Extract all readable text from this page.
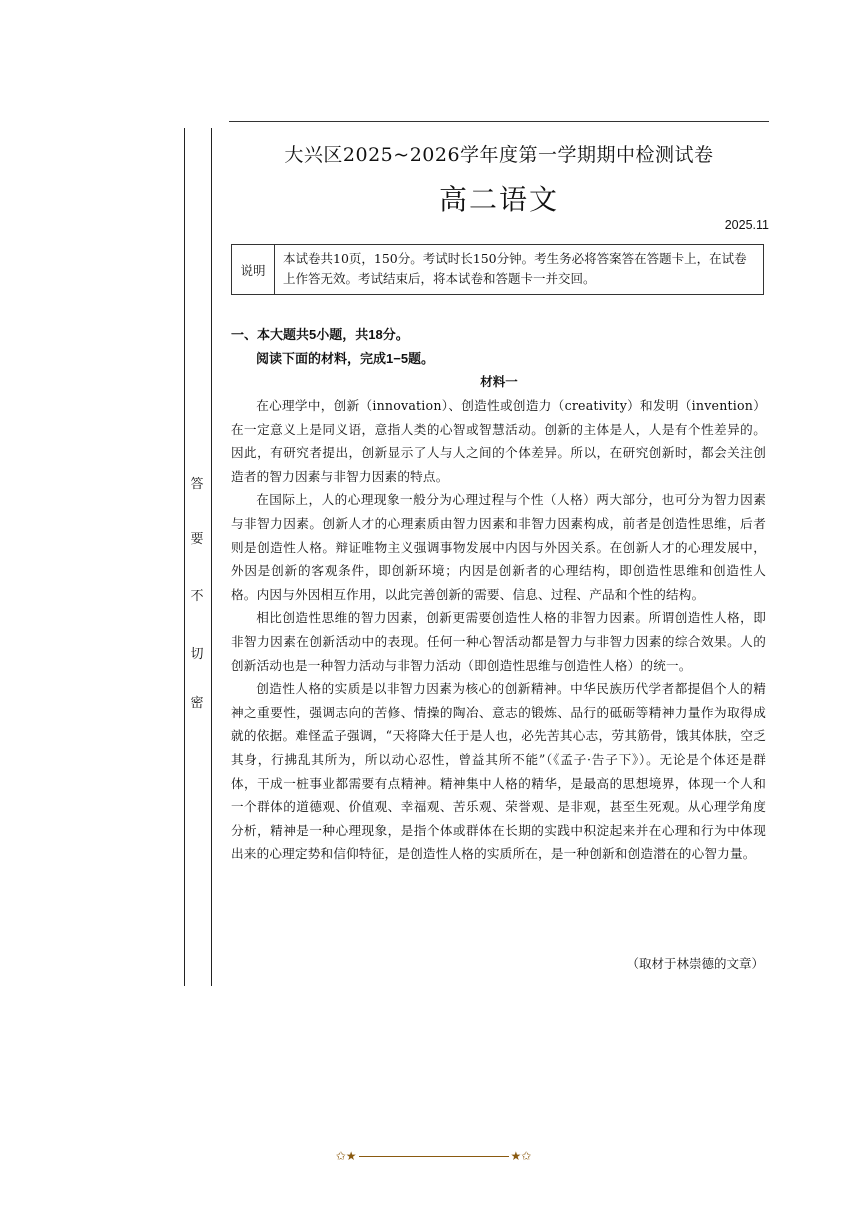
答
要
不
切
密
大兴区2025~2026学年度第一学期期中检测试卷
高二语文
2025.11
说明
本试卷共10页，150分。考试时长150分钟。考生务必将答案答在答题卡上，在试卷上作答无效。考试结束后，将本试卷和答题卡一并交回。
一、本大题共5小题，共18分。
阅读下面的材料，完成1−5题。
材料一

在心理学中，创新（innovation）、创造性或创造力（creativity）和发明（invention）在一定意义上是同义语，意指人类的心智或智慧活动。创新的主体是人，人是有个性差异的。因此，有研究者提出，创新显示了人与人之间的个体差异。所以，在研究创新时，都会关注创造者的智力因素与非智力因素的特点。

在国际上，人的心理现象一般分为心理过程与个性（人格）两大部分，也可分为智力因素与非智力因素。创新人才的心理素质由智力因素和非智力因素构成，前者是创造性思维，后者则是创造性人格。辩证唯物主义强调事物发展中内因与外因关系。在创新人才的心理发展中，外因是创新的客观条件，即创新环境；内因是创新者的心理结构，即创造性思维和创造性人格。内因与外因相互作用，以此完善创新的需要、信息、过程、产品和个性的结构。

相比创造性思维的智力因素，创新更需要创造性人格的非智力因素。所谓创造性人格，即非智力因素在创新活动中的表现。任何一种心智活动都是智力与非智力因素的综合效果。人的创新活动也是一种智力活动与非智力活动（即创造性思维与创造性人格）的统一。

创造性人格的实质是以非智力因素为核心的创新精神。中华民族历代学者都提倡个人的精神之重要性，强调志向的苦修、情操的陶冶、意志的锻炼、品行的砥砺等精神力量作为取得成就的依据。难怪孟子强调，“天将降大任于是人也，必先苦其心志，劳其筋骨，饿其体肤，空乏其身，行拂乱其所为，所以动心忍性，曾益其所不能”（《孟子·告子下》）。无论是个体还是群体，干成一桩事业都需要有点精神。精神集中人格的精华，是最高的思想境界，体现一个人和一个群体的道德观、价值观、幸福观、苦乐观、荣誉观、是非观，甚至生死观。从心理学角度分析，精神是一种心理现象，是指个体或群体在长期的实践中积淀起来并在心理和行为中体现出来的心理定势和信仰特征，是创造性人格的实质所在，是一种创新和创造潜在的心智力量。

（取材于林崇德的文章）
✩★	★✩
